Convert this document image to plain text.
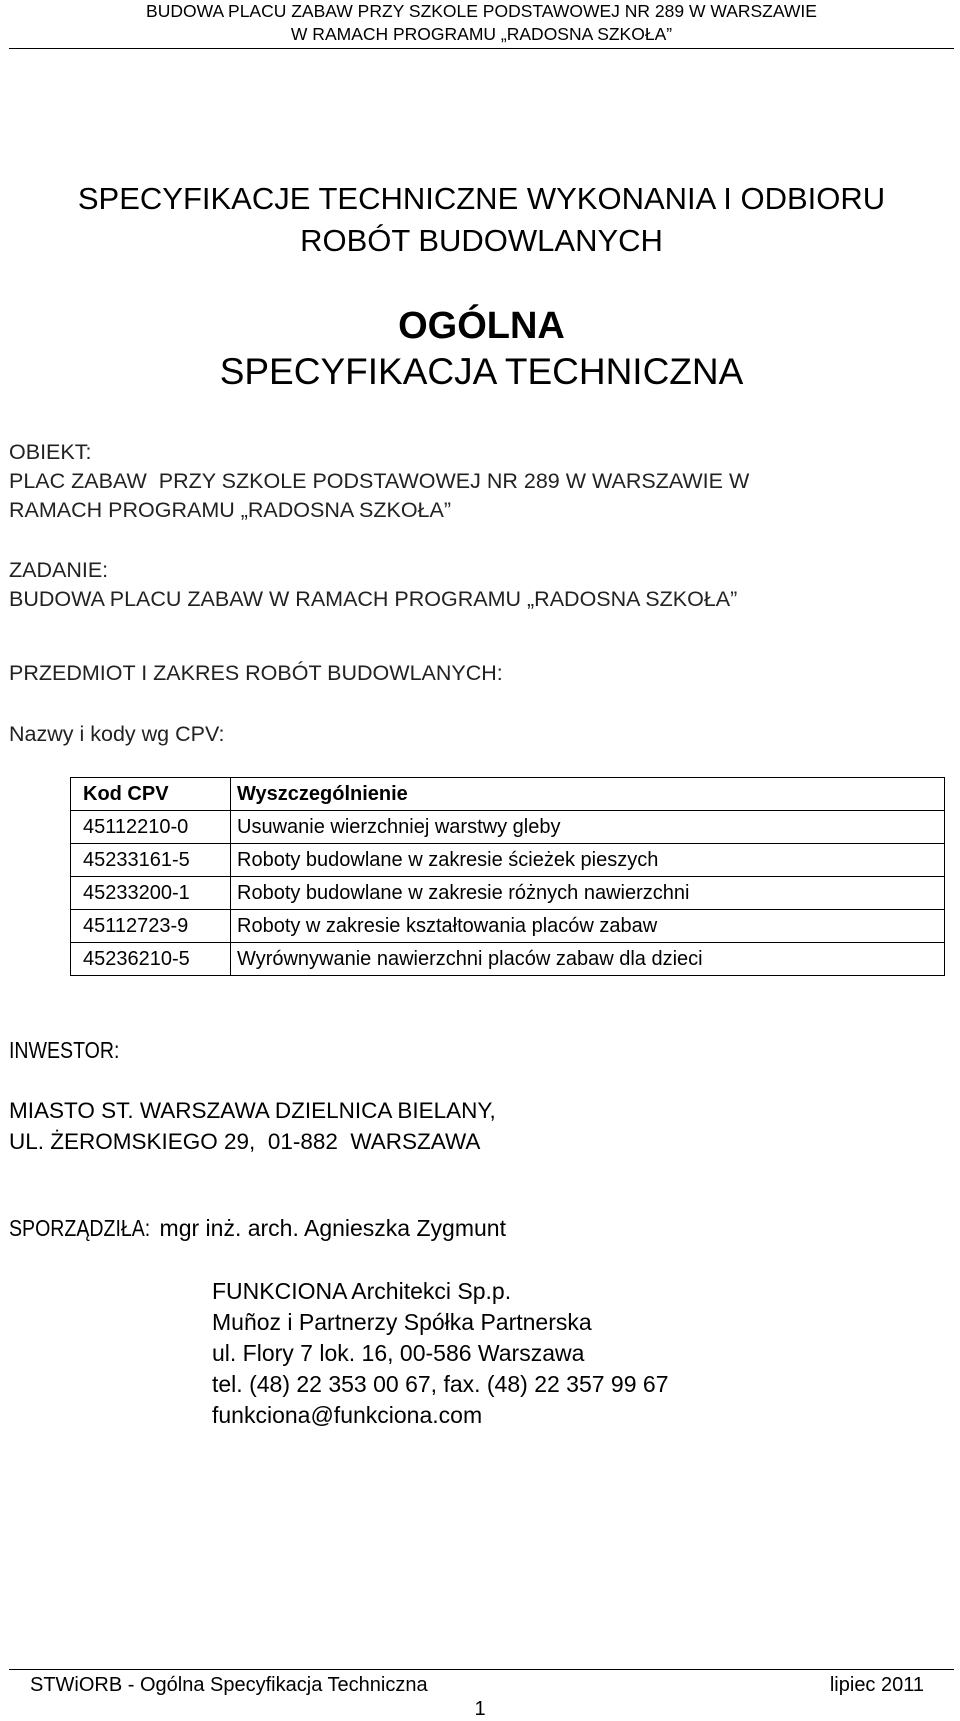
BUDOWA PLACU ZABAW PRZY SZKOLE PODSTAWOWEJ NR 289 W WARSZAWIE
W RAMACH PROGRAMU „RADOSNA SZKOŁA”
SPECYFIKACJE TECHNICZNE WYKONANIA I ODBIORU
ROBÓT BUDOWLANYCH
OGÓLNA
SPECYFIKACJA TECHNICZNA
OBIEKT:
PLAC ZABAW  PRZY SZKOLE PODSTAWOWEJ NR 289 W WARSZAWIE W
RAMACH PROGRAMU „RADOSNA SZKOŁA”
ZADANIE:
BUDOWA PLACU ZABAW W RAMACH PROGRAMU „RADOSNA SZKOŁA”
PRZEDMIOT I ZAKRES ROBÓT BUDOWLANYCH:
Nazwy i kody wg CPV:
Kod CPV	Wyszczególnienie
45112210-0	Usuwanie wierzchniej warstwy gleby
45233161-5	Roboty budowlane w zakresie ścieżek pieszych
45233200-1	Roboty budowlane w zakresie różnych nawierzchni
45112723-9	Roboty w zakresie kształtowania placów zabaw
45236210-5	Wyrównywanie nawierzchni placów zabaw dla dzieci
INWESTOR:
MIASTO ST. WARSZAWA DZIELNICA BIELANY,
UL. ŻEROMSKIEGO 29,  01-882  WARSZAWA
SPORZĄDZIŁA: mgr inż. arch. Agnieszka Zygmunt
FUNKCIONA Architekci Sp.p.
Muñoz i Partnerzy Spółka Partnerska
ul. Flory 7 lok. 16, 00-586 Warszawa
tel. (48) 22 353 00 67, fax. (48) 22 357 99 67
funkciona@funkciona.com
STWiORB - Ogólna Specyfikacja Techniczna	lipiec 2011
1
